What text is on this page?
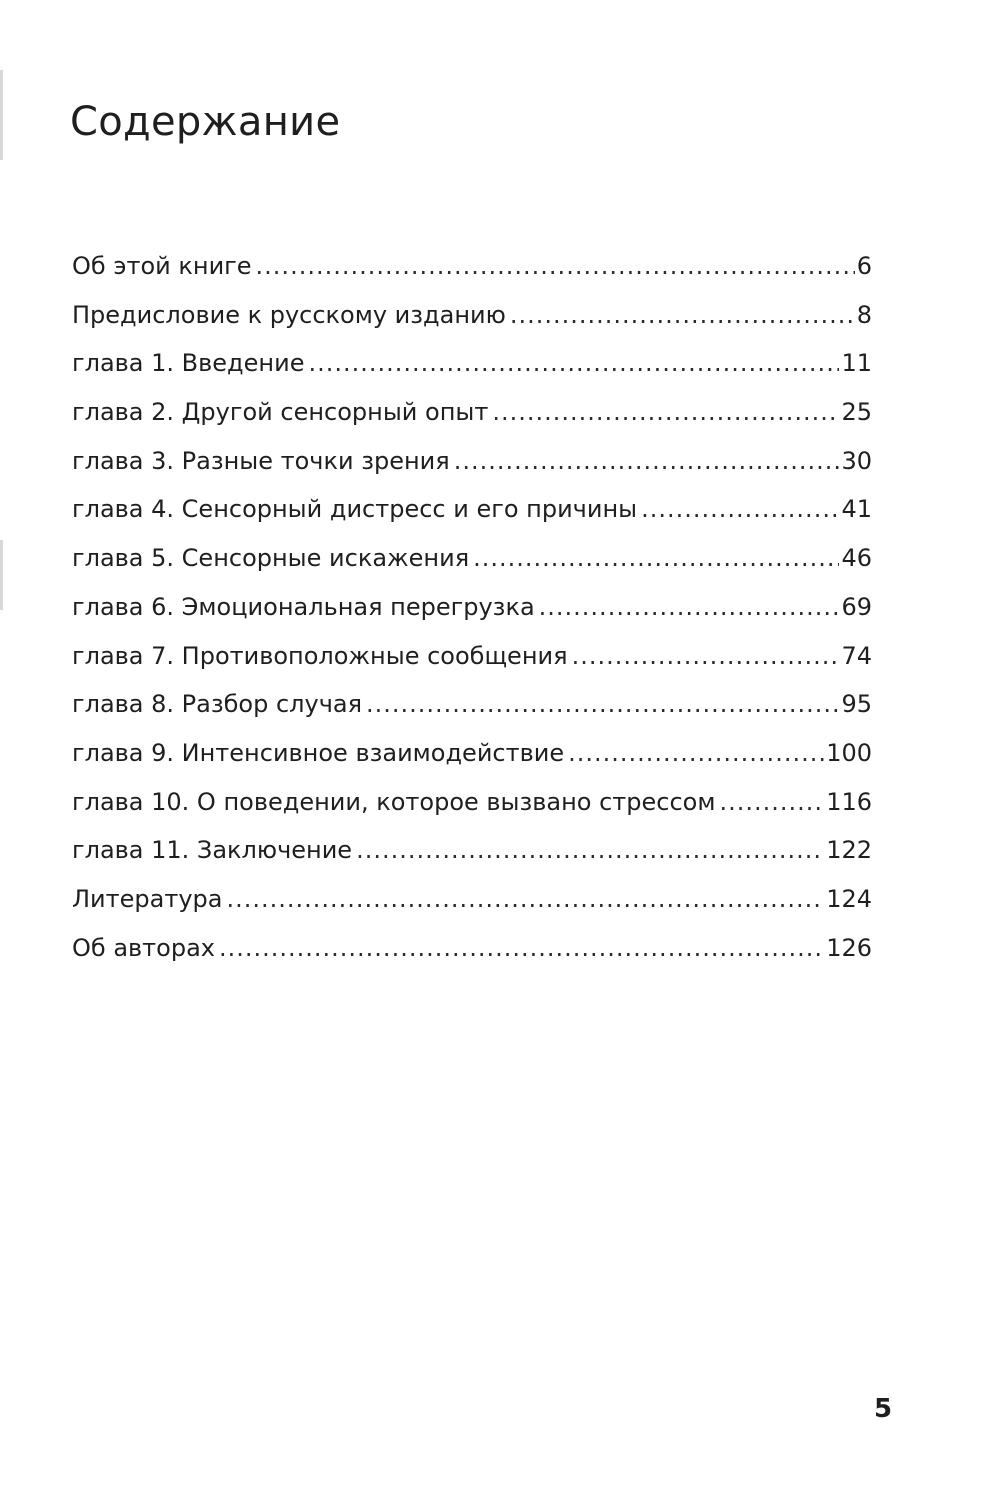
Содержание
Об этой книге .....	6
Предисловие к русскому изданию .....	8
глава 1. Введение .....	11
глава 2. Другой сенсорный опыт .....	25
глава 3. Разные точки зрения .....	30
глава 4. Сенсорный дистресс и его причины .....	41
глава 5. Сенсорные искажения .....	46
глава 6. Эмоциональная перегрузка .....	69
глава 7. Противоположные сообщения .....	74
глава 8. Разбор случая .....	95
глава 9. Интенсивное взаимодействие .....	100
глава 10. О поведении, которое вызвано стрессом .....	116
глава 11. Заключение .....	122
Литература .....	124
Об авторах .....	126
5
